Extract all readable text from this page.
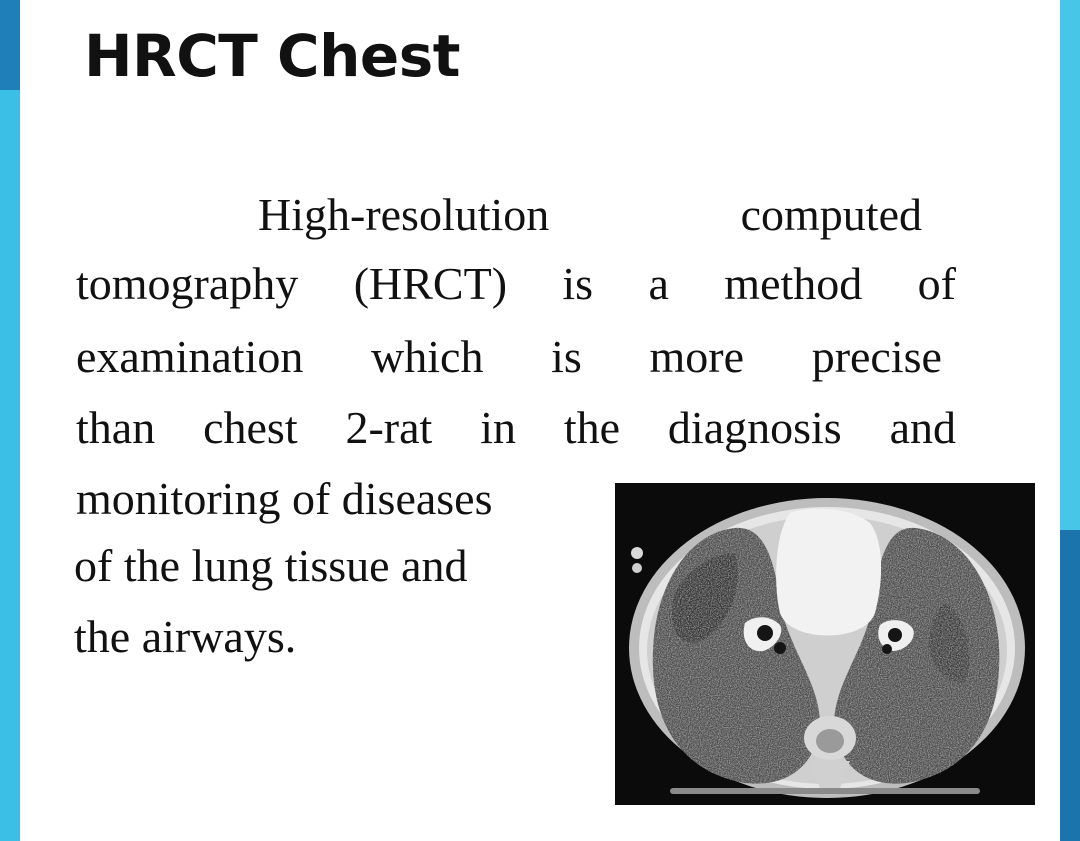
HRCT Chest
High-resolution	computed
tomography (HRCT) is a method of
examination which is more precise
than chest 2-rat in the diagnosis and

monitoring of diseases

of the lung tissue and

the airways.
